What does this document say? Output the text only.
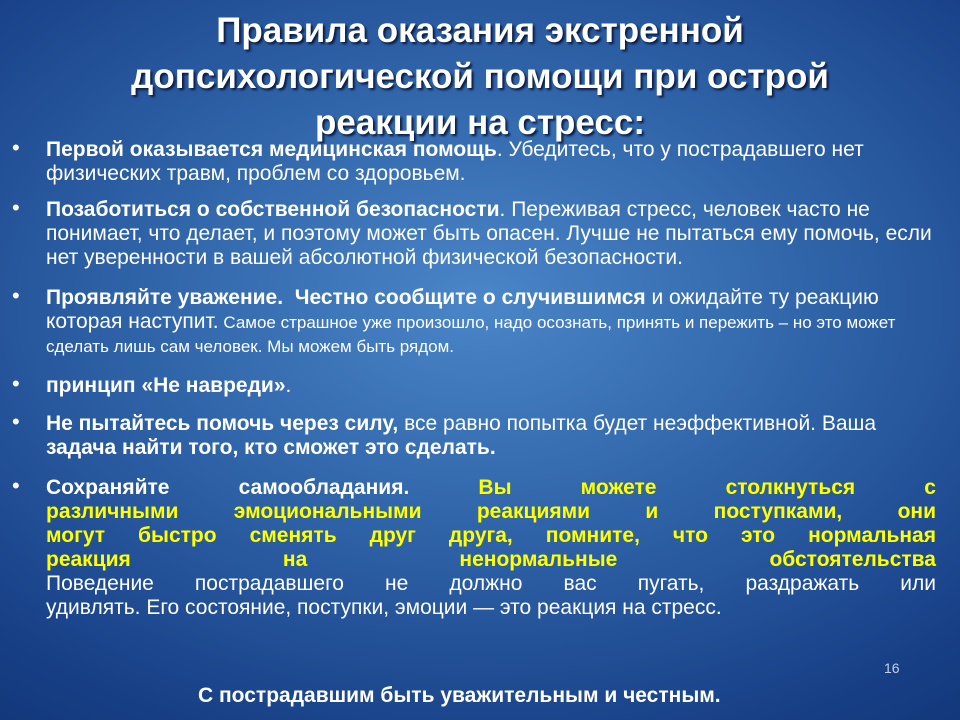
Правила оказания экстренной
допсихологической помощи при острой
реакции на стресс:
•	Первой оказывается медицинская помощь. Убедитесь, что у пострадавшего нет физических травм, проблем со здоровьем.
•	Позаботиться о собственной безопасности. Переживая стресс, человек часто не понимает, что делает, и поэтому может быть опасен. Лучше не пытаться ему помочь, если нет уверенности в вашей абсолютной физической безопасности.
•	Проявляйте уважение. Честно сообщите о случившимся и ожидайте ту реакцию которая наступит. Самое страшное уже произошло, надо осознать, принять и пережить – но это может сделать лишь сам человек. Мы можем быть рядом.
•	принцип «Не навреди».
•	Не пытайтесь помочь через силу, все равно попытка будет неэффективной. Ваша задача найти того, кто сможет это сделать.
•	Сохраняйте самообладания. Вы можете столкнуться с
различными эмоциональными реакциями и поступками, они
могут быстро сменять друг друга, помните, что это нормальная
реакция на ненормальные обстоятельства
Поведение пострадавшего не должно вас пугать, раздражать или
удивлять. Его состояние, поступки, эмоции — это реакция на стресс.
С пострадавшим быть уважительным и честным.
16
